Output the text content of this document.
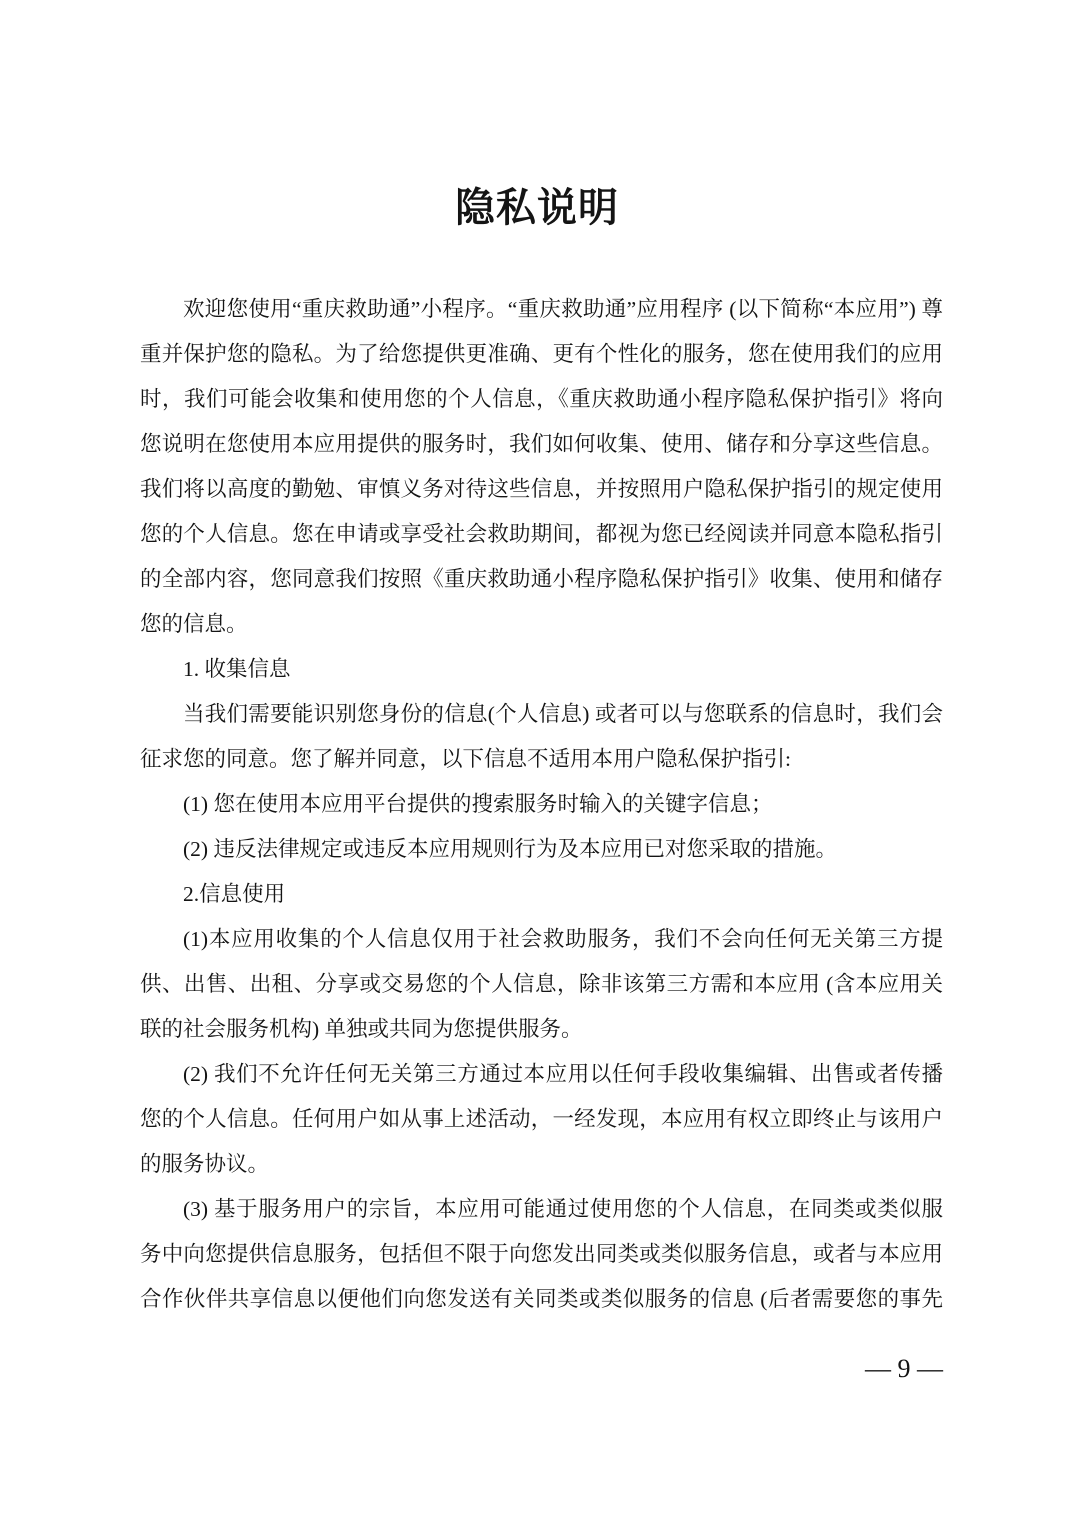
隐私说明
欢迎您使用“重庆救助通”小程序。“重庆救助通”应用程序 (以下简称“本应用”) 尊
重并保护您的隐私。为了给您提供更准确、更有个性化的服务，您在使用我们的应用
时，我们可能会收集和使用您的个人信息，《重庆救助通小程序隐私保护指引》将向
您说明在您使用本应用提供的服务时，我们如何收集、使用、储存和分享这些信息。
我们将以高度的勤勉、审慎义务对待这些信息，并按照用户隐私保护指引的规定使用
您的个人信息。您在申请或享受社会救助期间，都视为您已经阅读并同意本隐私指引
的全部内容，您同意我们按照《重庆救助通小程序隐私保护指引》收集、使用和储存
您的信息。
1. 收集信息
当我们需要能识别您身份的信息(个人信息) 或者可以与您联系的信息时，我们会
征求您的同意。您了解并同意，以下信息不适用本用户隐私保护指引:
(1) 您在使用本应用平台提供的搜索服务时输入的关键字信息；
(2) 违反法律规定或违反本应用规则行为及本应用已对您采取的措施。
2.信息使用
(1)本应用收集的个人信息仅用于社会救助服务，我们不会向任何无关第三方提
供、出售、出租、分享或交易您的个人信息，除非该第三方需和本应用 (含本应用关
联的社会服务机构) 单独或共同为您提供服务。
(2) 我们不允许任何无关第三方通过本应用以任何手段收集编辑、出售或者传播
您的个人信息。任何用户如从事上述活动，一经发现，本应用有权立即终止与该用户
的服务协议。
(3) 基于服务用户的宗旨，本应用可能通过使用您的个人信息，在同类或类似服
务中向您提供信息服务，包括但不限于向您发出同类或类似服务信息，或者与本应用
合作伙伴共享信息以便他们向您发送有关同类或类似服务的信息 (后者需要您的事先
— 9 —
